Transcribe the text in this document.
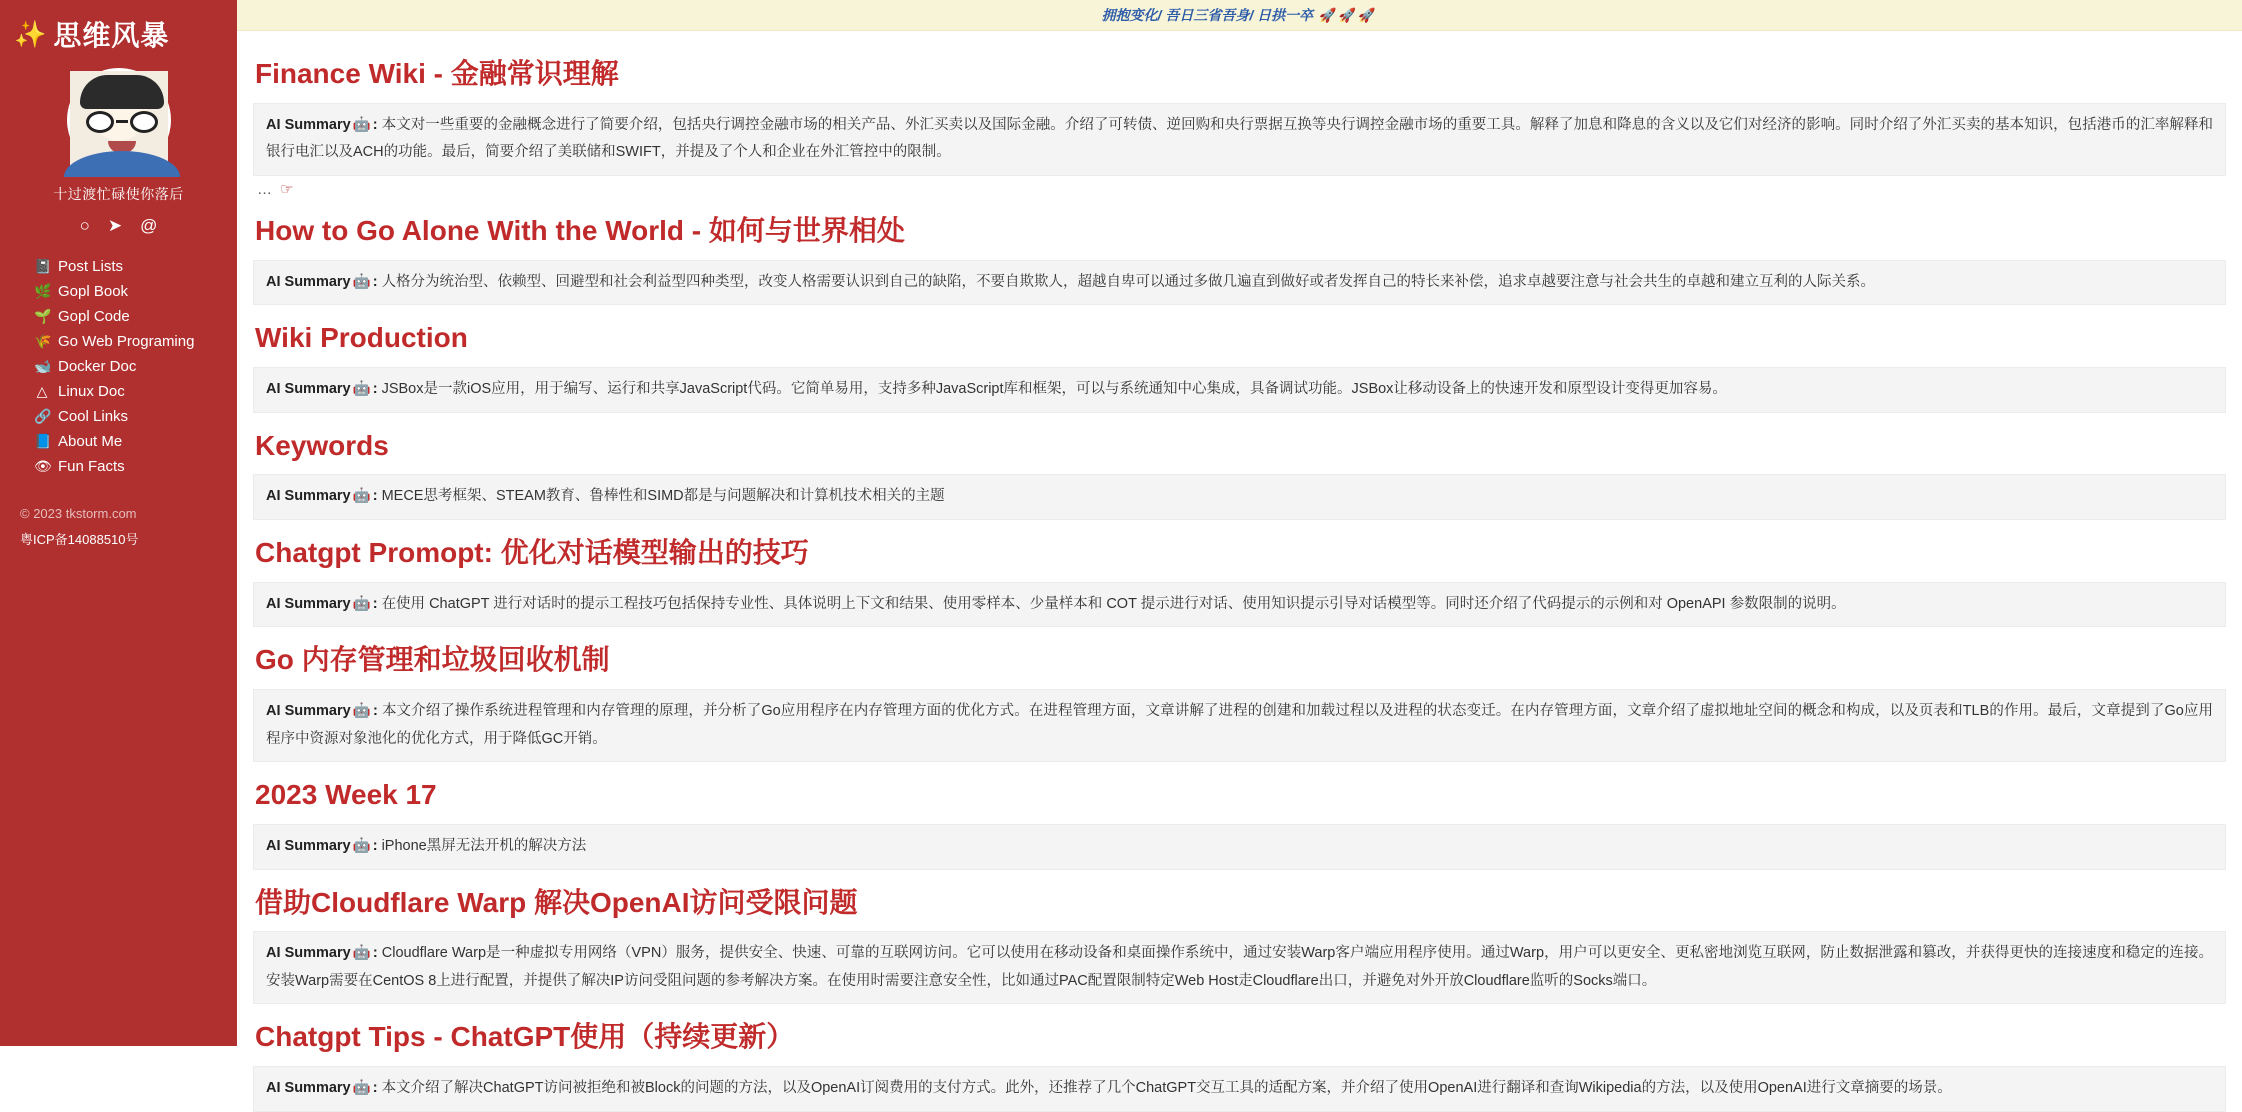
✨ 思维风暴
十过渡忙碌使你落后
○ ➤ @
📓 Post Lists
🌿 Gopl Book
🌱 Gopl Code
🌾 Go Web Programing
🐋 Docker Doc
△ Linux Doc
🔗 Cool Links
📘 About Me
👁 Fun Facts
© 2023 tkstorm.com
粤ICP备14088510号
拥抱变化/ 吾日三省吾身/ 日拱一卒 🚀🚀🚀
Finance Wiki - 金融常识理解
AI Summary 🤖 : 本文对一些重要的金融概念进行了简要介绍，包括央行调控金融市场的相关产品、外汇买卖以及国际金融。介绍了可转债、逆回购和央行票据互换等央行调控金融市场的重要工具。解释了加息和降息的含义以及它们对经济的影响。同时介绍了外汇买卖的基本知识，包括港币的汇率解释和银行电汇以及ACH的功能。最后，简要介绍了美联储和SWIFT，并提及了个人和企业在外汇管控中的限制。
… ☞
How to Go Alone With the World - 如何与世界相处
AI Summary 🤖 : 人格分为统治型、依赖型、回避型和社会利益型四种类型，改变人格需要认识到自己的缺陷，不要自欺欺人，超越自卑可以通过多做几遍直到做好或者发挥自己的特长来补偿，追求卓越要注意与社会共生的卓越和建立互利的人际关系。
Wiki Production
AI Summary 🤖 : JSBox是一款iOS应用，用于编写、运行和共享JavaScript代码。它简单易用，支持多种JavaScript库和框架，可以与系统通知中心集成，具备调试功能。JSBox让移动设备上的快速开发和原型设计变得更加容易。
Keywords
AI Summary 🤖 : MECE思考框架、STEAM教育、鲁棒性和SIMD都是与问题解决和计算机技术相关的主题
Chatgpt Promopt: 优化对话模型输出的技巧
AI Summary 🤖 : 在使用 ChatGPT 进行对话时的提示工程技巧包括保持专业性、具体说明上下文和结果、使用零样本、少量样本和 COT 提示进行对话、使用知识提示引导对话模型等。同时还介绍了代码提示的示例和对 OpenAPI 参数限制的说明。
Go 内存管理和垃圾回收机制
AI Summary 🤖 : 本文介绍了操作系统进程管理和内存管理的原理，并分析了Go应用程序在内存管理方面的优化方式。在进程管理方面，文章讲解了进程的创建和加载过程以及进程的状态变迁。在内存管理方面，文章介绍了虚拟地址空间的概念和构成，以及页表和TLB的作用。最后，文章提到了Go应用程序中资源对象池化的优化方式，用于降低GC开销。
2023 Week 17
AI Summary 🤖 : iPhone黑屏无法开机的解决方法
借助Cloudflare Warp 解决OpenAI访问受限问题
AI Summary 🤖 : Cloudflare Warp是一种虚拟专用网络（VPN）服务，提供安全、快速、可靠的互联网访问。它可以使用在移动设备和桌面操作系统中，通过安装Warp客户端应用程序使用。通过Warp，用户可以更安全、更私密地浏览互联网，防止数据泄露和篡改，并获得更快的连接速度和稳定的连接。安装Warp需要在CentOS 8上进行配置，并提供了解决IP访问受阻问题的参考解决方案。在使用时需要注意安全性，比如通过PAC配置限制特定Web Host走Cloudflare出口，并避免对外开放Cloudflare监听的Socks端口。
Chatgpt Tips - ChatGPT使用（持续更新）
AI Summary 🤖 : 本文介绍了解决ChatGPT访问被拒绝和被Block的问题的方法，以及OpenAI订阅费用的支付方式。此外，还推荐了几个ChatGPT交互工具的适配方案，并介绍了使用OpenAI进行翻译和查询Wikipedia的方法，以及使用OpenAI进行文章摘要的场景。
